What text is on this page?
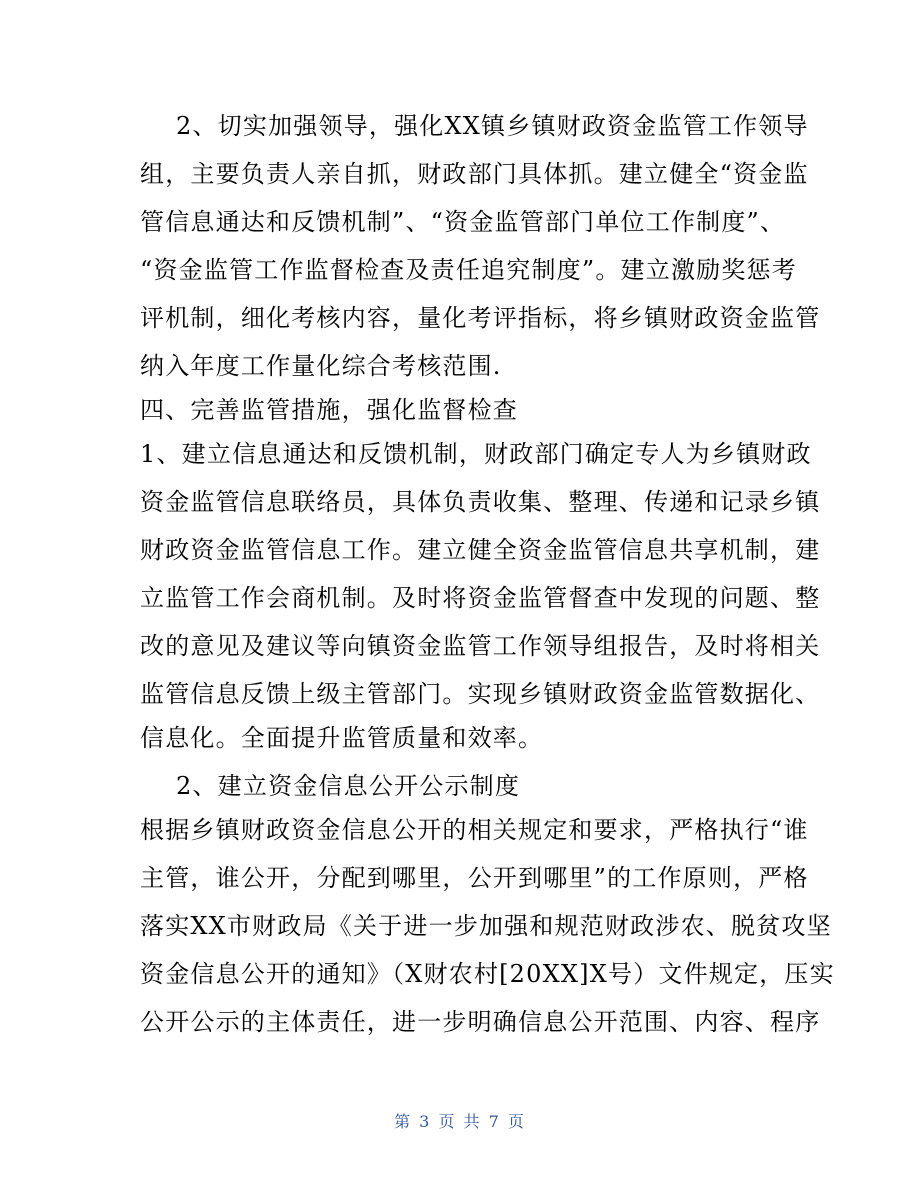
2、切实加强领导，强化XX镇乡镇财政资金监管工作领导
组，主要负责人亲自抓，财政部门具体抓。建立健全“资金监
管信息通达和反馈机制”、“资金监管部门单位工作制度”、
“资金监管工作监督检查及责任追究制度”。建立激励奖惩考
评机制，细化考核内容，量化考评指标，将乡镇财政资金监管
纳入年度工作量化综合考核范围.
四、完善监管措施，强化监督检查
1、建立信息通达和反馈机制，财政部门确定专人为乡镇财政
资金监管信息联络员，具体负责收集、整理、传递和记录乡镇
财政资金监管信息工作。建立健全资金监管信息共享机制，建
立监管工作会商机制。及时将资金监管督查中发现的问题、整
改的意见及建议等向镇资金监管工作领导组报告，及时将相关
监管信息反馈上级主管部门。实现乡镇财政资金监管数据化、
信息化。全面提升监管质量和效率。
2、建立资金信息公开公示制度
根据乡镇财政资金信息公开的相关规定和要求，严格执行“谁
主管，谁公开，分配到哪里，公开到哪里”的工作原则，严格
落实XX市财政局《关于进一步加强和规范财政涉农、脱贫攻坚
资金信息公开的通知》（X财农村[20XX]X号）文件规定，压实
公开公示的主体责任，进一步明确信息公开范围、内容、程序
第 3 页 共 7 页
